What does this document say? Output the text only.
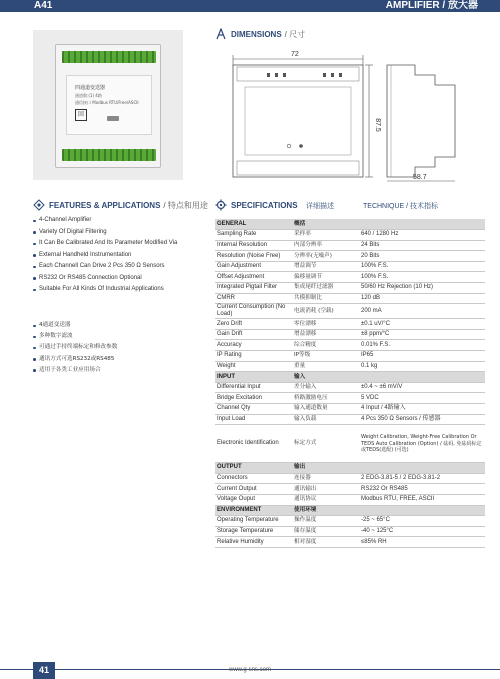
A41	AMPLIFIER / 放大器
四通道变送器
通道数:(1) 4路
通信接口 Modbus RTU/Free/ASCII
回
DIMENSIONS / 尺寸
72
87.5
58.7
FEATURES & APPLICATIONS / 特点和用途
4-Channel Amplifier
Variety Of Digital Filtering
It Can Be Calibrated And Its Parameter Modified Via
External Handheld Instrumentation
Each Channell Can Drive 2 Pcs 350 Ω Sensors
RS232 Or RS485 Connection Optional
Suitable For All Kinds Of Industrial Applications
4通道变送器
多种数字滤波
可通过手持终端标定和修改参数
通讯方式可选RS232或RS485
适用于各类工业应用场合
SPECIFICATIONS 详细描述	TECHNIQUE / 技术指标
GENERAL	概括	
Sampling Rate	采样率	640 / 1280 Hz
Internal Resolution	内部分辨率	24 Bits
Resolution (Noise Free)	分辨率(无噪声)	20 Bits
Gain Adjustment	增益调节	100% F.S.
Offset Adjustment	偏移量调节	100% F.S.
Integrated Pigtail Filter	集成尾纤过滤器	50/60 Hz Rejection (10 Hz)
CMRR	共模抑制比	120 dB
Current Consumption (No Load)	电流消耗 (空载)	200 mA
Zero Drift	零位漂移	±0.1 uV/°C
Gain Drift	增益漂移	±8 ppm/°C
Accuracy	综合精度	0.01% F.S.
IP Rating	IP等级	IP65
Weight	重量	0.1 kg
INPUT	输入	
Differential Input	差分输入	±0.4 ~ ±6 mV/V
Bridge Excitation	桥路激励电压	5 VDC
Channel Qty	输入通道数量	4 Input / 4路输入
Input Load	输入负载	4 Pcs 350 Ω Sensors / 传感器
Electronic Identification	标定方式	Weight Calibration, Weight-Free Calibration Or TEDS Auto Calibration (Option) / 砝码, 免砝码标定或TEDS(选配) (可选)
OUTPUT	输出	
Connectors	连接器	2 EDG-3.81-5 / 2 EDG-3.81-2
Current Output	通讯输出	RS232 Or RS485
Voltage Ouput	通讯协议	Modbus RTU, FREE, ASCII
ENVIRONMENT	使用环境	
Operating Temperature	操作温度	-25 ~ 65°C
Storage Temperature	储存温度	-40 ~ 125°C
Relative Humidity	相对湿度	≤85% RH
41	www.g-sns.com
